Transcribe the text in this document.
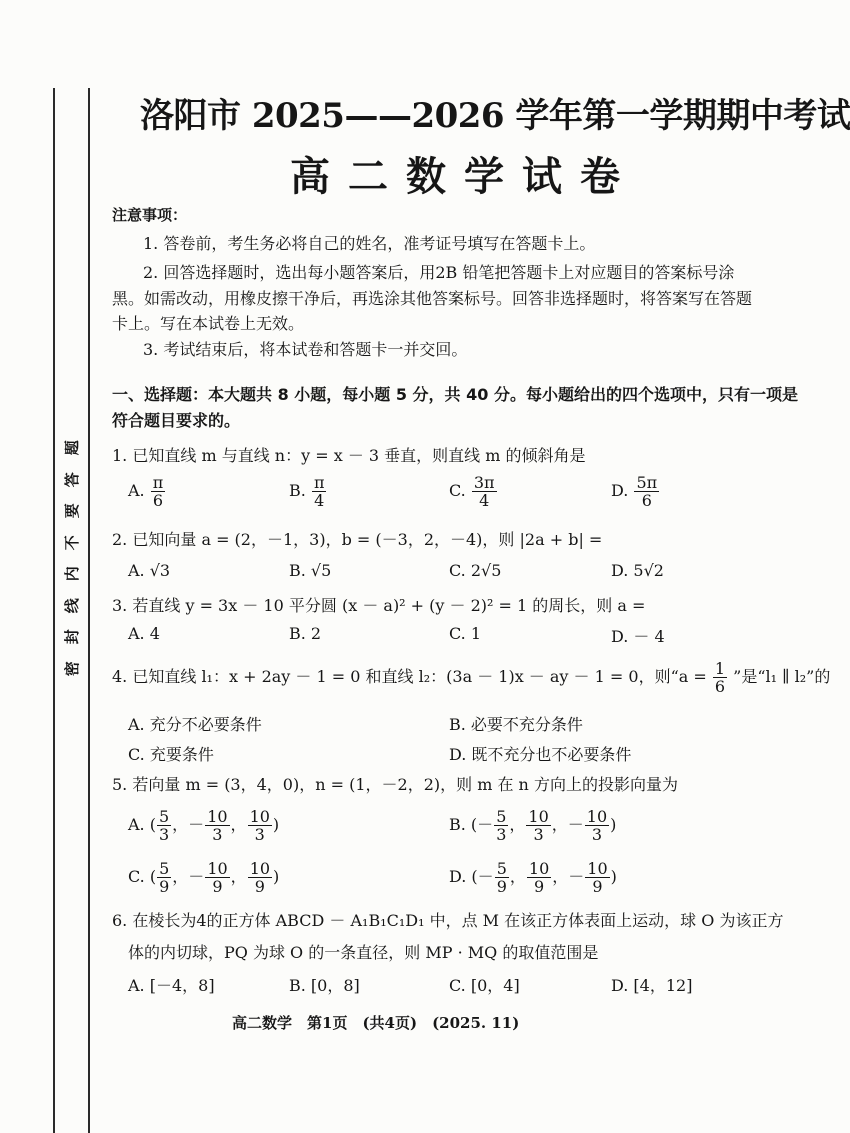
题
答
要
不
内
线
封
密
洛阳市 2025——2026 学年第一学期期中考试
高二数学试卷
注意事项：
1. 答卷前，考生务必将自己的姓名，准考证号填写在答题卡上。
2. 回答选择题时，选出每小题答案后，用2B 铅笔把答题卡上对应题目的答案标号涂
黑。如需改动，用橡皮擦干净后，再选涂其他答案标号。回答非选择题时，将答案写在答题
卡上。写在本试卷上无效。
3. 考试结束后，将本试卷和答题卡一并交回。
一、选择题：本大题共 8 小题，每小题 5 分，共 40 分。每小题给出的四个选项中，只有一项是
符合题目要求的。
1. 已知直线 m 与直线 n：y = x － 3 垂直，则直线 m 的倾斜角是
A. $\frac{\pi}{6}$	B. $\frac{\pi}{4}$	C. $\frac{3\pi}{4}$	D. $\frac{5\pi}{6}$
2. 已知向量 a = (2，－1，3)，b = (－3，2，－4)，则 |2a + b| =
A. √3	B. √5	C. 2√5	D. 5√2
3. 若直线 y = 3x － 10 平分圆 (x － a)² + (y － 2)² = 1 的周长，则 a =
A. 4	B. 2	C. 1	D. － 4
4. 已知直线 l₁：x + 2ay － 1 = 0 和直线 l₂：(3a － 1)x － ay － 1 = 0，则“$a = \frac{1}{6}$ ”是“l₁ ∥ l₂”的
A. 充分不必要条件	B. 必要不充分条件
C. 充要条件	D. 既不充分也不必要条件
5. 若向量 m = (3，4，0)，n = (1，－2，2)，则 m 在 n 方向上的投影向量为
A. ( $\frac{5}{3}$ ，－ $\frac{10}{3}$ ， $\frac{10}{3}$ )	B. (－ $\frac{5}{3}$ ， $\frac{10}{3}$ ，－ $\frac{10}{3}$ )
C. ( $\frac{5}{9}$ ，－ $\frac{10}{9}$ ， $\frac{10}{9}$ )	D. (－ $\frac{5}{9}$ ， $\frac{10}{9}$ ，－ $\frac{10}{9}$ )
6. 在棱长为4的正方体 ABCD － A₁B₁C₁D₁ 中，点 M 在该正方体表面上运动，球 O 为该正方
体的内切球，PQ 为球 O 的一条直径，则 MP · MQ 的取值范围是
A. [－4，8]	B. [0，8]	C. [0，4]	D. [4，12]
高二数学　第1页　(共4页)　(2025. 11)
